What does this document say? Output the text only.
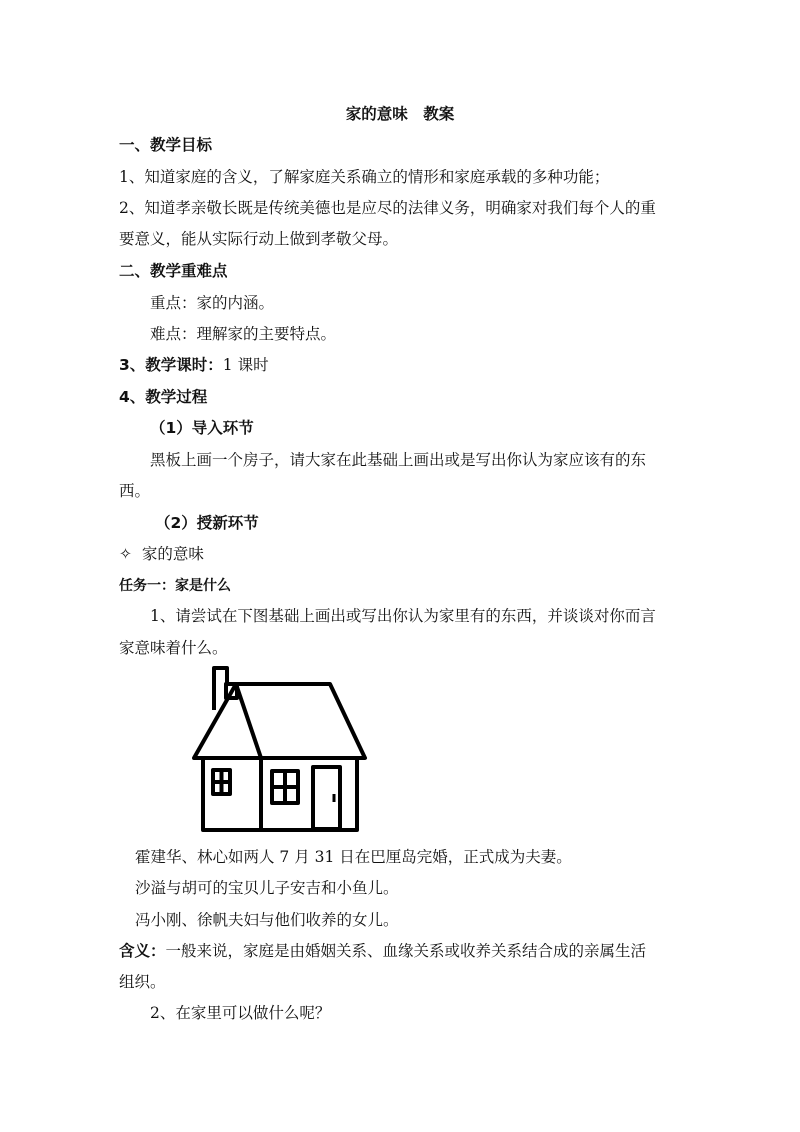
家的意味　教案
一、教学目标
1、知道家庭的含义，了解家庭关系确立的情形和家庭承载的多种功能；
2、知道孝亲敬长既是传统美德也是应尽的法律义务，明确家对我们每个人的重
要意义，能从实际行动上做到孝敬父母。
二、教学重难点
重点：家的内涵。
难点：理解家的主要特点。
3、教学课时：1 课时
4、教学过程
（1）导入环节
黑板上画一个房子，请大家在此基础上画出或是写出你认为家应该有的东
西。
（2）授新环节
✧ 家的意味
任务一：家是什么
1、请尝试在下图基础上画出或写出你认为家里有的东西，并谈谈对你而言
家意味着什么。
霍建华、林心如两人 7 月 31 日在巴厘岛完婚，正式成为夫妻。
沙溢与胡可的宝贝儿子安吉和小鱼儿。
冯小刚、徐帆夫妇与他们收养的女儿。
含义：一般来说，家庭是由婚姻关系、血缘关系或收养关系结合成的亲属生活
组织。
2、在家里可以做什么呢？
